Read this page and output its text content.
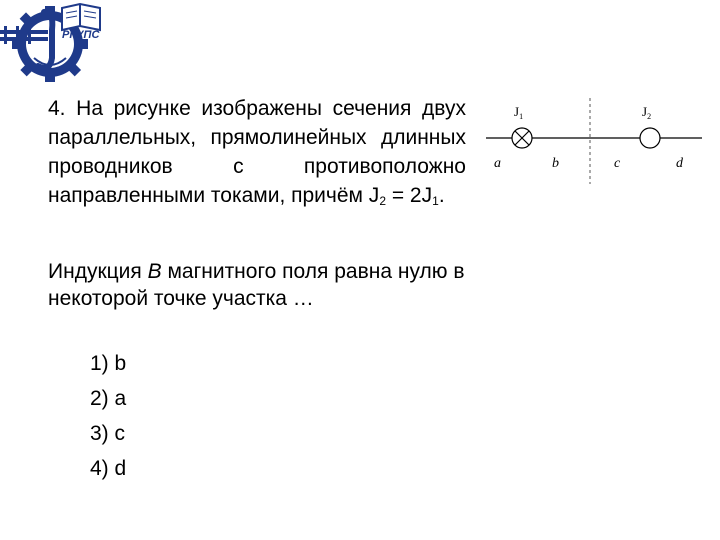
РГУПС

4. На рисунке изображены сечения двух параллельных, прямолинейных длинных проводников с противоположно направленными токами, причём $J_2 = 2J_1$.

Индукция B магнитного поля равна нулю в некоторой точке участка …

$J_1$	$J_2$
a	b	c	d
1) b
2) a
3) c
4) d
